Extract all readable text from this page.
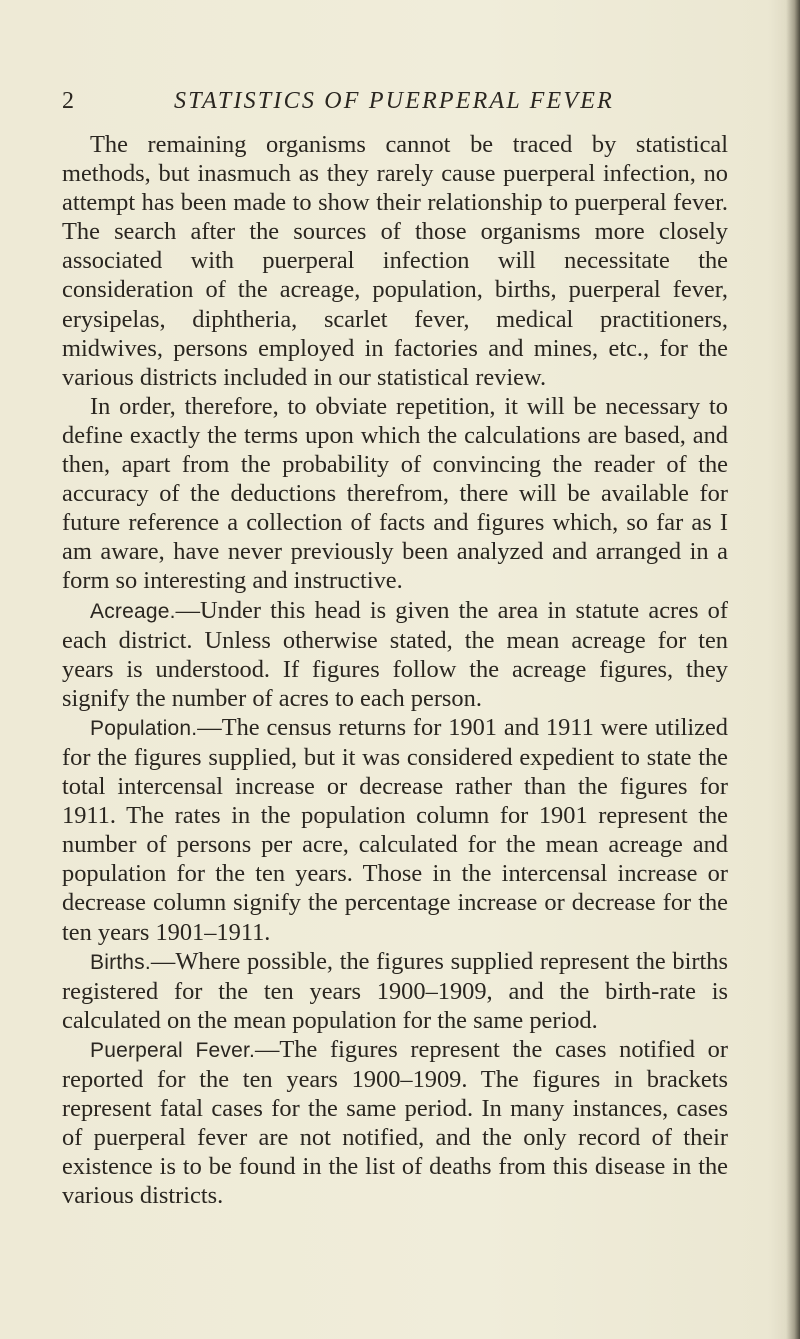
2	STATISTICS OF PUERPERAL FEVER

The remaining organisms cannot be traced by statistical methods, but inasmuch as they rarely cause puerperal infection, no attempt has been made to show their relationship to puerperal fever. The search after the sources of those organisms more closely associated with puerperal infection will necessitate the consideration of the acreage, population, births, puerperal fever, erysipelas, diphtheria, scarlet fever, medical practitioners, midwives, persons employed in factories and mines, etc., for the various districts included in our statistical review.

In order, therefore, to obviate repetition, it will be necessary to define exactly the terms upon which the calculations are based, and then, apart from the probability of convincing the reader of the accuracy of the deductions therefrom, there will be available for future reference a collection of facts and figures which, so far as I am aware, have never previously been analyzed and arranged in a form so interesting and instructive.

Acreage.—Under this head is given the area in statute acres of each district. Unless otherwise stated, the mean acreage for ten years is understood. If figures follow the acreage figures, they signify the number of acres to each person.

Population.—The census returns for 1901 and 1911 were utilized for the figures supplied, but it was considered expedient to state the total intercensal increase or decrease rather than the figures for 1911. The rates in the population column for 1901 represent the number of persons per acre, calculated for the mean acreage and population for the ten years. Those in the intercensal increase or decrease column signify the percentage increase or decrease for the ten years 1901–1911.

Births.—Where possible, the figures supplied represent the births registered for the ten years 1900–1909, and the birth-rate is calculated on the mean population for the same period.

Puerperal Fever.—The figures represent the cases notified or reported for the ten years 1900–1909. The figures in brackets represent fatal cases for the same period. In many instances, cases of puerperal fever are not notified, and the only record of their existence is to be found in the list of deaths from this disease in the various districts.
